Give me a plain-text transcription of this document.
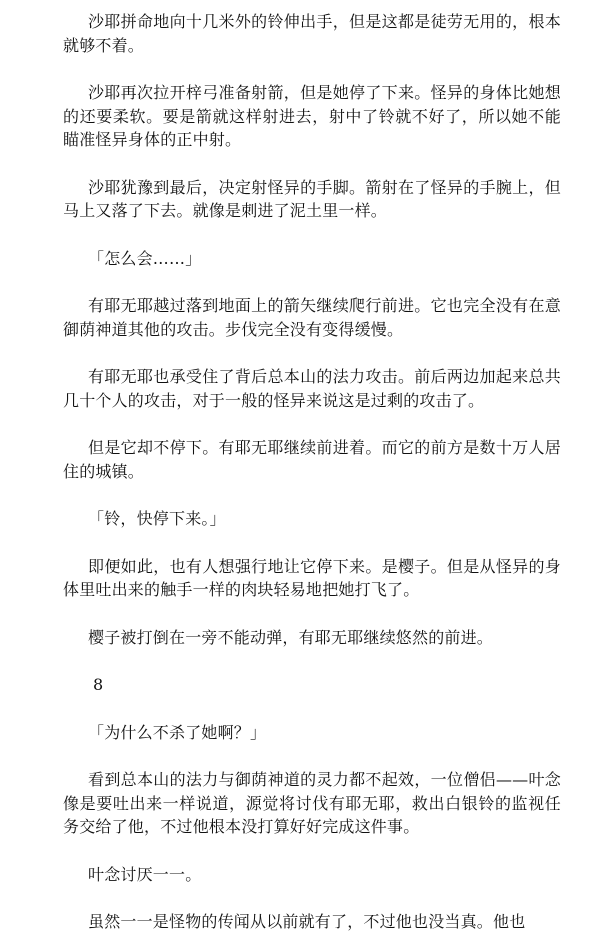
沙耶拼命地向十几米外的铃伸出手，但是这都是徒劳无用的，根本就够不着。

沙耶再次拉开梓弓准备射箭，但是她停了下来。怪异的身体比她想的还要柔软。要是箭就这样射进去，射中了铃就不好了，所以她不能瞄准怪异身体的正中射。

沙耶犹豫到最后，决定射怪异的手脚。箭射在了怪异的手腕上，但马上又落了下去。就像是刺进了泥土里一样。

「怎么会……」

有耶无耶越过落到地面上的箭矢继续爬行前进。它也完全没有在意御荫神道其他的攻击。步伐完全没有变得缓慢。

有耶无耶也承受住了背后总本山的法力攻击。前后两边加起来总共几十个人的攻击，对于一般的怪异来说这是过剩的攻击了。

但是它却不停下。有耶无耶继续前进着。而它的前方是数十万人居住的城镇。

「铃，快停下来。」

即便如此，也有人想强行地让它停下来。是樱子。但是从怪异的身体里吐出来的触手一样的肉块轻易地把她打飞了。

樱子被打倒在一旁不能动弹，有耶无耶继续悠然的前进。

8

「为什么不杀了她啊？」

看到总本山的法力与御荫神道的灵力都不起效，一位僧侣——叶念像是要吐出来一样说道，源觉将讨伐有耶无耶，救出白银铃的监视任务交给了他，不过他根本没打算好好完成这件事。

叶念讨厌一一。

虽然一一是怪物的传闻从以前就有了，不过他也没当真。他也
